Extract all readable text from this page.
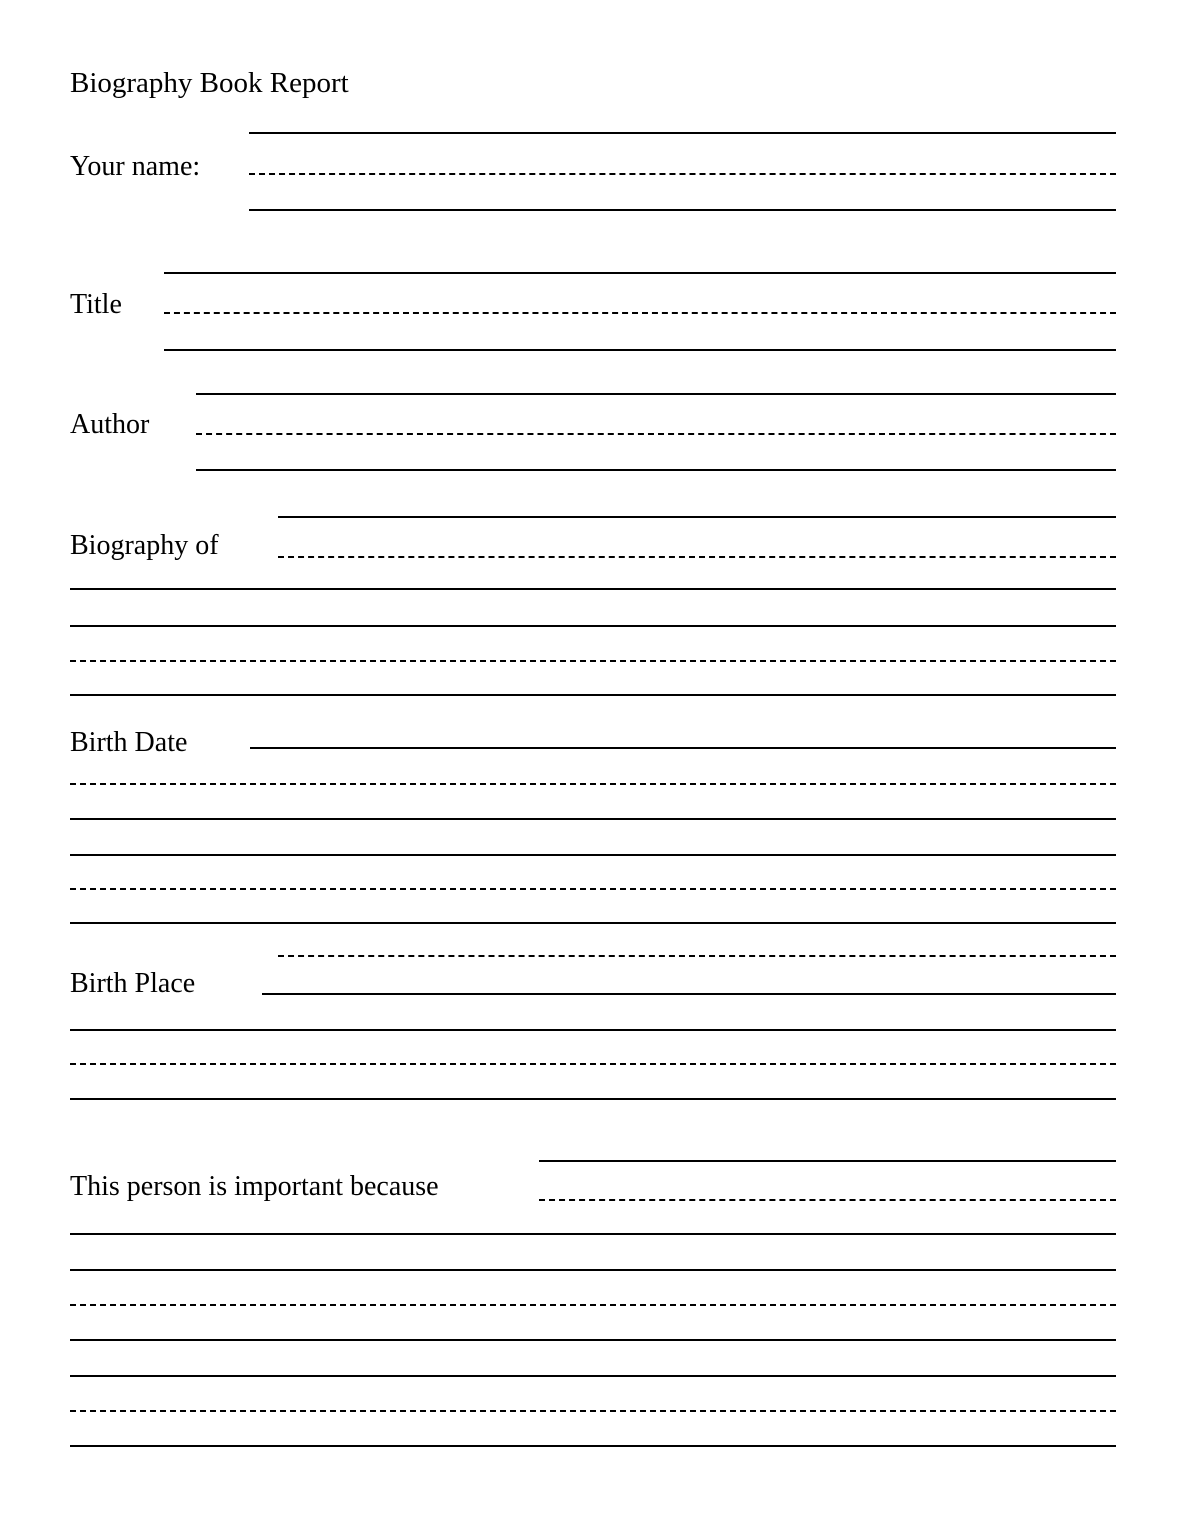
Biography Book Report
Your name:
Title
Author
Biography of
Birth Date
Birth Place
This person is important because
